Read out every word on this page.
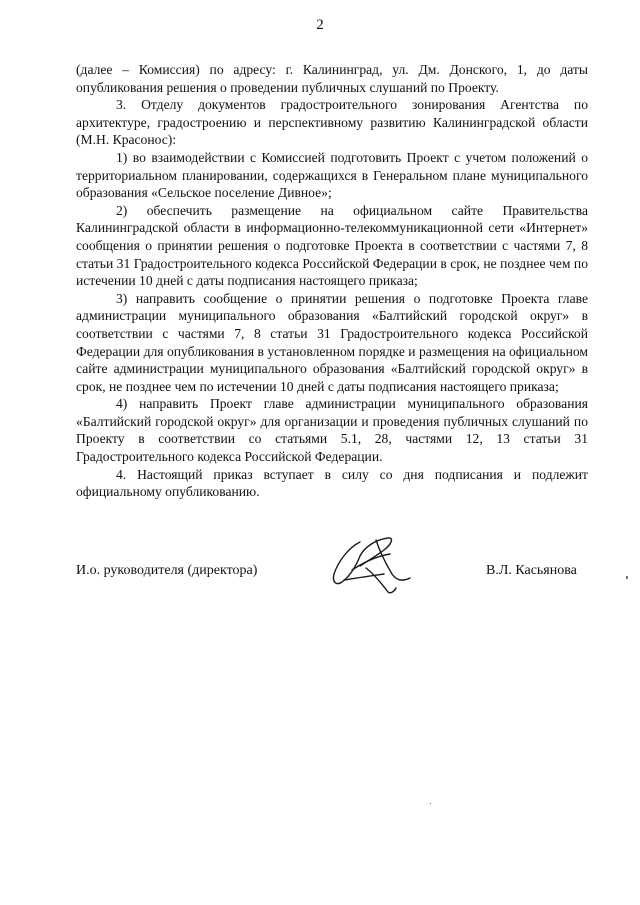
2

(далее – Комиссия) по адресу: г. Калининград, ул. Дм. Донского, 1, до даты опубликования решения о проведении публичных слушаний по Проекту.

3. Отделу документов градостроительного зонирования Агентства по архитектуре, градостроению и перспективному развитию Калининградской области (М.Н. Красонос):

1) во взаимодействии с Комиссией подготовить Проект с учетом положений о территориальном планировании, содержащихся в Генеральном плане муниципального образования «Сельское поселение Дивное»;

2) обеспечить размещение на официальном сайте Правительства Калининградской области в информационно-телекоммуникационной сети «Интернет» сообщения о принятии решения о подготовке Проекта в соответствии с частями 7, 8 статьи 31 Градостроительного кодекса Российской Федерации в срок, не позднее чем по истечении 10 дней с даты подписания настоящего приказа;

3) направить сообщение о принятии решения о подготовке Проекта главе администрации муниципального образования «Балтийский городской округ» в соответствии с частями 7, 8 статьи 31 Градостроительного кодекса Российской Федерации для опубликования в установленном порядке и размещения на официальном сайте администрации муниципального образования «Балтийский городской округ» в срок, не позднее чем по истечении 10 дней с даты подписания настоящего приказа;

4) направить Проект главе администрации муниципального образования «Балтийский городской округ» для организации и проведения публичных слушаний по Проекту в соответствии со статьями 5.1, 28, частями 12, 13 статьи 31 Градостроительного кодекса Российской Федерации.

4. Настоящий приказ вступает в силу со дня подписания и подлежит официальному опубликованию.

И.о. руководителя (директора)	В.Л. Касьянова
